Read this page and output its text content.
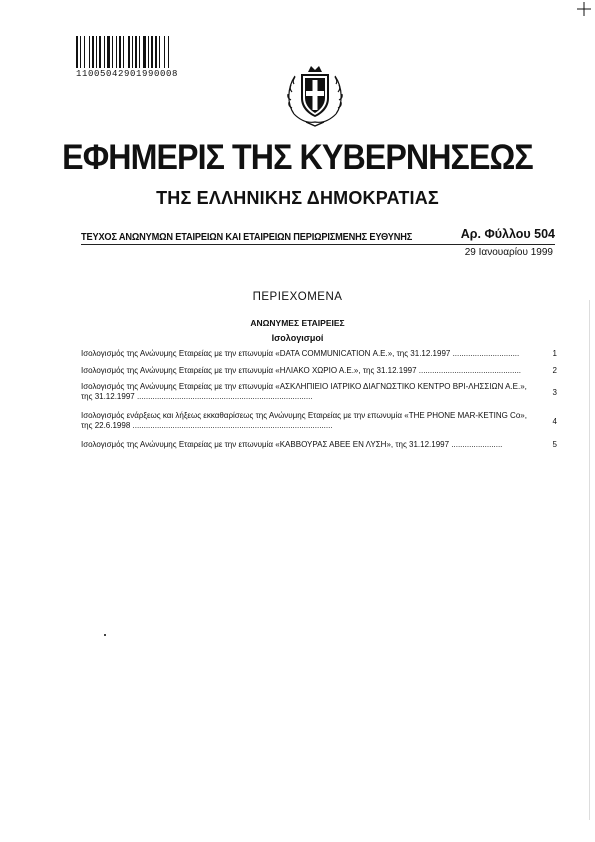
11005042901990008
ΕΦΗΜΕΡΙΣ ΤΗΣ ΚΥΒΕΡΝΗΣΕΩΣ
ΤΗΣ ΕΛΛΗΝΙΚΗΣ ΔΗΜΟΚΡΑΤΙΑΣ
ΤΕΥΧΟΣ ΑΝΩΝΥΜΩΝ ΕΤΑΙΡΕΙΩΝ ΚΑΙ ΕΤΑΙΡΕΙΩΝ ΠΕΡΙΩΡΙΣΜΕΝΗΣ ΕΥΘΥΝΗΣ	Αρ. Φύλλου 504
29 Ιανουαρίου 1999
ΠΕΡΙΕΧΟΜΕΝΑ
ΑΝΩΝΥΜΕΣ ΕΤΑΙΡΕΙΕΣ
Ισολογισμοί
Ισολογισμός της Ανώνυμης Εταιρείας με την επωνυμία «DATA COMMUNICATION Α.Ε.», της 31.12.1997 ..............................	1
Ισολογισμός της Ανώνυμης Εταιρείας με την επωνυμία «ΗΛΙΑΚΟ ΧΩΡΙΟ Α.Ε.», της 31.12.1997 ..............................................	2
Ισολογισμός της Ανώνυμης Εταιρείας με την επωνυμία «ΑΣΚΛΗΠΙΕΙΟ ΙΑΤΡΙΚΟ ΔΙΑΓΝΩΣΤΙΚΟ ΚΕΝΤΡΟ ΒΡΙ-ΛΗΣΣΙΩΝ Α.Ε.», της 31.12.1997 ...............................................................................	3
Ισολογισμός ενάρξεως και λήξεως εκκαθαρίσεως της Ανώνυμης Εταιρείας με την επωνυμία «THE PHONE MAR-KETING Co», της 22.6.1998 ..........................................................................................	4
Ισολογισμός της Ανώνυμης Εταιρείας με την επωνυμία «ΚΑΒΒΟΥΡΑΣ ΑΒΕΕ ΕΝ ΛΥΣΗ», της 31.12.1997 .......................	5
